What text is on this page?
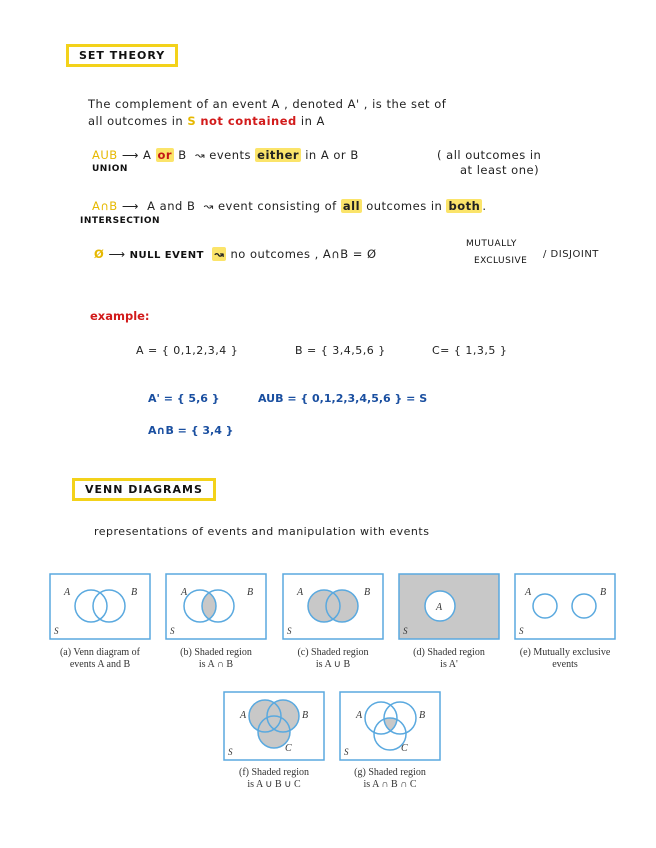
SET THEORY
The complement of an event A , denoted A' , is the set of
all outcomes in S not contained in A
AUB ⟶ A or B ↝ events either in A or B	( all outcomes in
at least one)
UNION
A∩B ⟶ A and B ↝ event consisting of all outcomes in both .
INTERSECTION
Ø ⟶ NULL EVENT ↝ no outcomes , A∩B = Ø
MUTUALLY
EXCLUSIVE
/ DISJOINT
example:
A = { 0,1,2,3,4 }	B = { 3,4,5,6 }	C= { 1,3,5 }
A' = { 5,6 }	AUB = { 0,1,2,3,4,5,6 } = S
A∩B = { 3,4 }
VENN DIAGRAMS
representations of events and manipulation with events
A	B
S
A	B
S
A	B
S
A
S
A	B
S
A	B
C
S
A	B
C
S
(a) Venn diagram of
events A and B
(b) Shaded region
is A ∩ B
(c) Shaded region
is A ∪ B
(d) Shaded region
is A'
(e) Mutually exclusive
events
(f) Shaded region
is A ∪ B ∪ C
(g) Shaded region
is A ∩ B ∩ C
